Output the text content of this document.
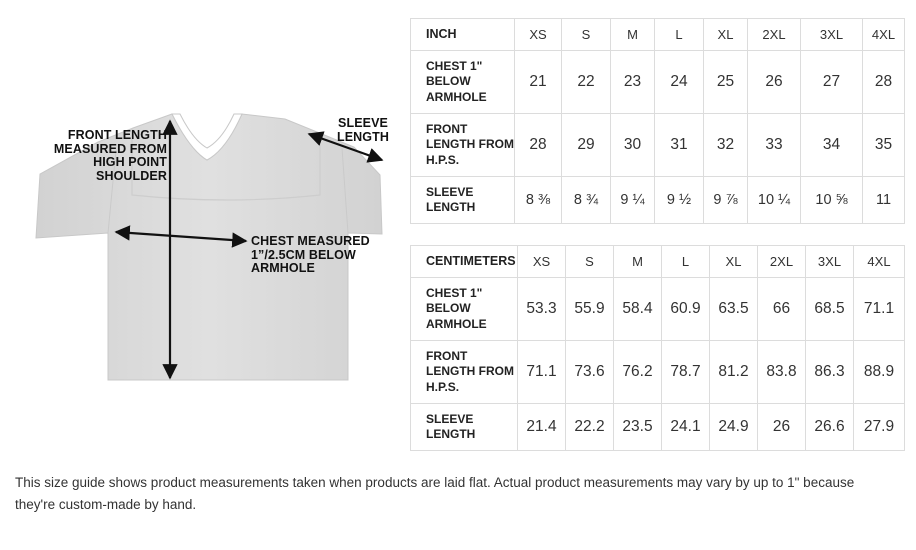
FRONT LENGTH MEASURED FROM HIGH POINT SHOULDER
SLEEVE LENGTH
CHEST MEASURED 1”/2.5CM BELOW ARMHOLE
INCH	XS	S	M	L	XL	2XL	3XL	4XL
CHEST 1" BELOW ARMHOLE	21	22	23	24	25	26	27	28
FRONT LENGTH FROM H.P.S.	28	29	30	31	32	33	34	35
SLEEVE LENGTH	8 ⅜	8 ¾	9 ¼	9 ½	9 ⅞	10 ¼	10 ⅝	11
CENTIMETERS	XS	S	M	L	XL	2XL	3XL	4XL
CHEST 1" BELOW ARMHOLE	53.3	55.9	58.4	60.9	63.5	66	68.5	71.1
FRONT LENGTH FROM H.P.S.	71.1	73.6	76.2	78.7	81.2	83.8	86.3	88.9
SLEEVE LENGTH	21.4	22.2	23.5	24.1	24.9	26	26.6	27.9
This size guide shows product measurements taken when products are laid flat. Actual product measurements may vary by up to 1" because they're custom-made by hand.
